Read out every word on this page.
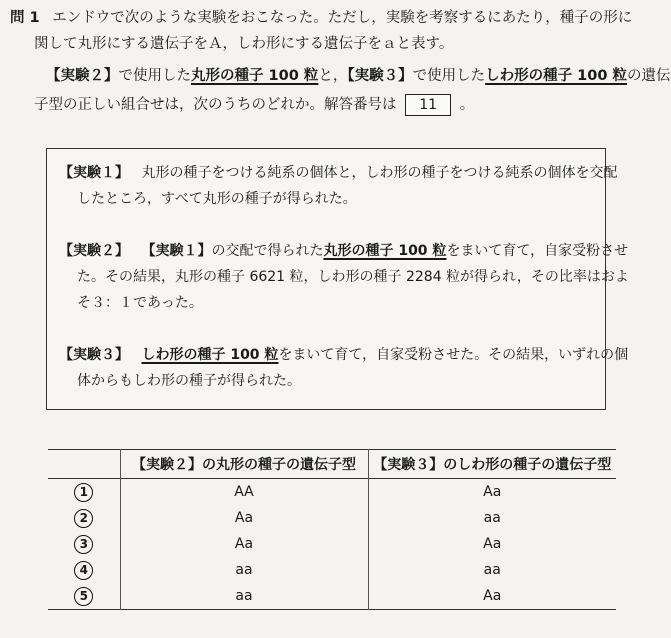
問 1 エンドウで次のような実験をおこなった。ただし，実験を考察するにあたり，種子の形に
関して丸形にする遺伝子をＡ，しわ形にする遺伝子をａと表す。
【実験２】で使用した丸形の種子 100 粒と，【実験３】で使用したしわ形の種子 100 粒の遺伝
子型の正しい組合せは，次のうちのどれか。解答番号は 11 。
【実験１】 丸形の種子をつける純系の個体と，しわ形の種子をつける純系の個体を交配
したところ，すべて丸形の種子が得られた。
【実験２】 【実験１】の交配で得られた丸形の種子 100 粒をまいて育て，自家受粉させ
た。その結果，丸形の種子 6621 粒，しわ形の種子 2284 粒が得られ，その比率はおよ
そ３：１であった。
【実験３】 しわ形の種子 100 粒をまいて育て，自家受粉させた。その結果，いずれの個
体からもしわ形の種子が得られた。
	【実験２】の丸形の種子の遺伝子型	【実験３】のしわ形の種子の遺伝子型
1	AA	Aa
2	Aa	aa
3	Aa	Aa
4	aa	aa
5	aa	Aa
